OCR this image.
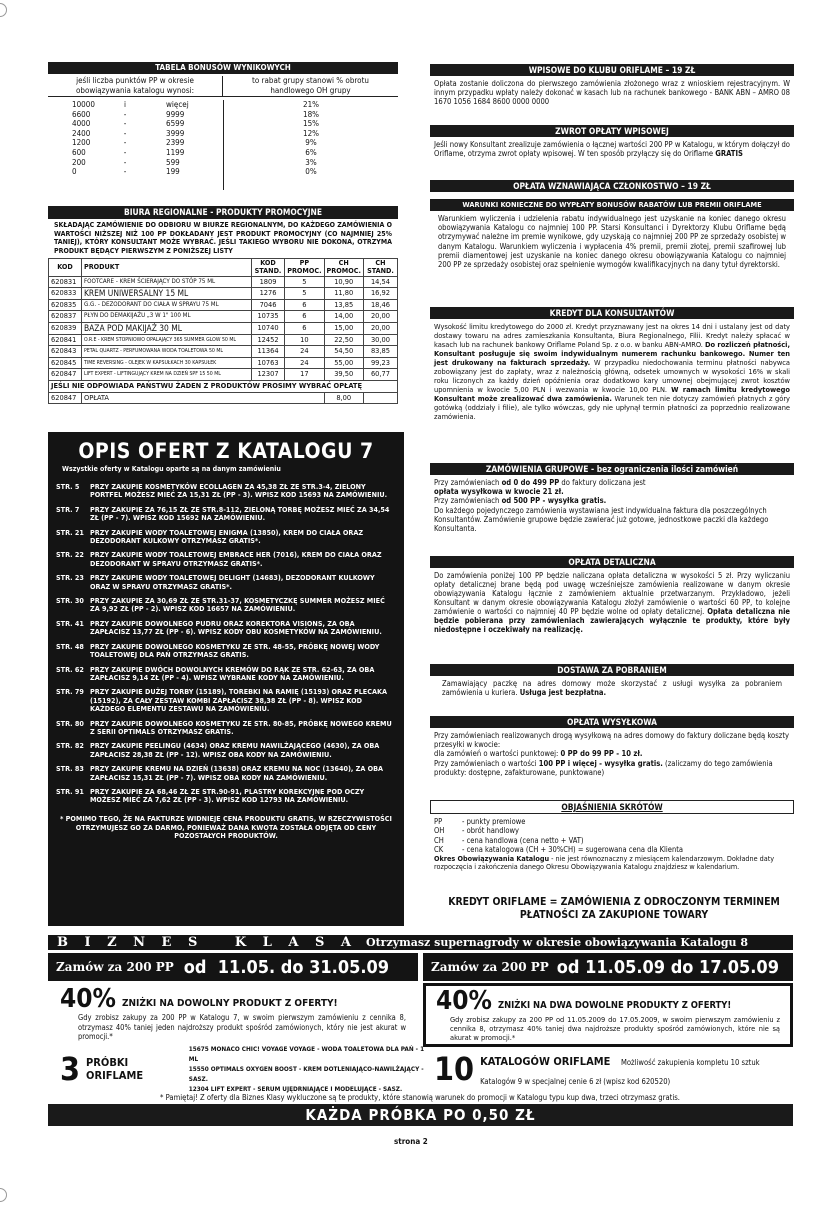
TABELA BONUSÓW WYNIKOWYCH
jeśli liczba punktów PP w okresie obowiązywania katalogu wynosi:
to rabat grupy stanowi % obrotu handlowego OH grupy
10000	i	więcej	21%
6600	-	9999	18%
4000	-	6599	15%
2400	-	3999	12%
1200	-	2399	9%
600	-	1199	6%
200	-	599	3%
0	-	199	0%
BIURA REGIONALNE - PRODUKTY PROMOCYJNE
SKŁADAJĄC ZAMÓWIENIE DO ODBIORU W BIURZE REGIONALNYM, DO KAŻDEGO ZAMÓWIENIA O WARTOŚCI NIŻSZEJ NIŻ 100 PP DOKŁADANY JEST PRODUKT PROMOCYJNY (CO NAJMNIEJ 25% TANIEJ), KTÓRY KONSULTANT MOŻE WYBRAĆ. JEŚLI TAKIEGO WYBORU NIE DOKONA, OTRZYMA PRODUKT BĘDĄCY PIERWSZYM Z PONIŻSZEJ LISTY
KOD	PRODUKT	KOD STAND.	PP PROMOC.	CH PROMOC.	CH STAND.
620831	FOOTCARE - KREM ŚCIERAJĄCY DO STÓP 75 ML	1809	5	10,90	14,54
620833	KREM UNIWERSALNY 15 ML	1276	5	11,80	16,92
620835	G.G. - DEZODORANT DO CIAŁA W SPRAYU 75 ML	7046	6	13,85	18,46
620837	PŁYN DO DEMAKIJAŻU „3 W 1" 100 ML	10735	6	14,00	20,00
620839	BAZA POD MAKIJAŻ 30 ML	10740	6	15,00	20,00
620841	O.R.E - KREM STOPNIOWO OPALAJĄCY 365 SUMMER GLOW 50 ML	12452	10	22,50	30,00
620843	PETAL QUARTZ - PERFUMOWANA WODA TOALETOWA 50 ML	11364	24	54,50	83,85
620845	TIME REVERSING - OLEJEK W KAPSUŁKACH 30 KAPSUŁEK	10763	24	55,00	99,23
620847	LIFT EXPERT - LIFTINGUJĄCY KREM NA DZIEŃ SPF 15 50 ML	12307	17	39,50	60,77
JEŚLI NIE ODPOWIADA PAŃSTWU ŻADEN Z PRODUKTÓW PROSIMY WYBRAĆ OPŁATĘ					
620847	OPŁATA			8,00	
OPIS OFERT Z KATALOGU 7
Wszystkie oferty w Katalogu oparte są na danym zamówieniu
STR. 5	PRZY ZAKUPIE KOSMETYKÓW ECOLLAGEN ZA 45,38 ZŁ ZE STR.3-4, ZIELONY PORTFEL MOŻESZ MIEĆ ZA 15,31 ZŁ (PP - 3). WPISZ KOD 15693 NA ZAMÓWIENIU.
STR. 7	PRZY ZAKUPIE ZA 76,15 ZŁ ZE STR.8-112, ZIELONĄ TORBĘ MOŻESZ MIEĆ ZA 34,54 ZŁ (PP - 7). WPISZ KOD 15692 NA ZAMÓWIENIU.
STR. 21 PRZY ZAKUPIE WODY TOALETOWEJ ENIGMA (13850), KREM DO CIAŁA ORAZ DEZODORANT KULKOWY OTRZYMASZ GRATIS*.
STR. 22 PRZY ZAKUPIE WODY TOALETOWEJ EMBRACE HER (7016), KREM DO CIAŁA ORAZ DEZODORANT W SPRAYU OTRZYMASZ GRATIS*.
STR. 23 PRZY ZAKUPIE WODY TOALETOWEJ DELIGHT (14683), DEZODORANT KULKOWY ORAZ W SPRAYU OTRZYMASZ GRATIS*.
STR. 30 PRZY ZAKUPIE ZA 30,69 ZŁ ZE STR.31-37, KOSMETYCZKĘ SUMMER MOŻESZ MIEĆ ZA 9,92 ZŁ (PP - 2). WPISZ KOD 16657 NA ZAMÓWIENIU.
STR. 41 PRZY ZAKUPIE DOWOLNEGO PUDRU ORAZ KOREKTORA VISIONS, ZA OBA ZAPŁACISZ 13,77 ZŁ (PP - 6). WPISZ KODY OBU KOSMETYKÓW NA ZAMÓWIENIU.
STR. 48 PRZY ZAKUPIE DOWOLNEGO KOSMETYKU ZE STR. 48-55, PRÓBKĘ NOWEJ WODY TOALETOWEJ DLA PAŃ OTRZYMASZ GRATIS.
STR. 62 PRZY ZAKUPIE DWÓCH DOWOLNYCH KREMÓW DO RĄK ZE STR. 62-63, ZA OBA ZAPŁACISZ 9,14 ZŁ (PP - 4). WPISZ WYBRANE KODY NA ZAMÓWIENIU.
STR. 79 PRZY ZAKUPIE DUŻEJ TORBY (15189), TOREBKI NA RAMIĘ (15193) ORAZ PLECAKA (15192), ZA CAŁY ZESTAW KOMBI ZAPŁACISZ 38,38 ZŁ (PP - 8). WPISZ KOD KAŻDEGO ELEMENTU ZESTAWU NA ZAMÓWIENIU.
STR. 80 PRZY ZAKUPIE DOWOLNEGO KOSMETYKU ZE STR. 80-85, PRÓBKĘ NOWEGO KREMU Z SERII OPTIMALS OTRZYMASZ GRATIS.
STR. 82 PRZY ZAKUPIE PEELINGU (4634) ORAZ KREMU NAWILŻAJĄCEGO (4630), ZA OBA ZAPŁACISZ 28,38 ZŁ (PP - 12). WPISZ OBA KODY NA ZAMÓWIENIU.
STR. 83 PRZY ZAKUPIE KREMU NA DZIEŃ (13638) ORAZ KREMU NA NOC (13640), ZA OBA ZAPŁACISZ 15,31 ZŁ (PP - 7). WPISZ OBA KODY NA ZAMÓWIENIU.
STR. 91 PRZY ZAKUPIE ZA 68,46 ZŁ ZE STR.90-91, PLASTRY KOREKCYJNE POD OCZY MOŻESZ MIEĆ ZA 7,62 ZŁ (PP - 3). WPISZ KOD 12793 NA ZAMÓWIENIU.
* POMIMO TEGO, ŻE NA FAKTURZE WIDNIEJE CENA PRODUKTU GRATIS, W RZECZYWISTOŚCI OTRZYMUJESZ GO ZA DARMO, PONIEWAŻ DANA KWOTA ZOSTAŁA ODJĘTA OD CENY POZOSTAŁYCH PRODUKTÓW.
WPISOWE DO KLUBU ORIFLAME – 19 ZŁ
Opłata zostanie doliczona do pierwszego zamówienia złożonego wraz z wnioskiem rejestracyjnym. W innym przypadku wpłaty należy dokonać w kasach lub na rachunek bankowego - BANK ABN – AMRO 08 1670 1056 1684 8600 0000 0000
ZWROT OPŁATY WPISOWEJ
Jeśli nowy Konsultant zrealizuje zamówienia o łącznej wartości 200 PP w Katalogu, w którym dołączył do Oriflame, otrzyma zwrot opłaty wpisowej. W ten sposób przyłączy się do Oriflame GRATIS
OPŁATA WZNAWIAJĄCA CZŁONKOSTWO – 19 ZŁ
WARUNKI KONIECZNE DO WYPŁATY BONUSÓW RABATÓW LUB PREMII ORIFLAME
Warunkiem wyliczenia i udzielenia rabatu indywidualnego jest uzyskanie na koniec danego okresu obowiązywania Katalogu co najmniej 100 PP. Starsi Konsultanci i Dyrektorzy Klubu Oriflame będą otrzymywać należne im premie wynikowe, gdy uzyskają co najmniej 200 PP ze sprzedaży osobistej w danym Katalogu. Warunkiem wyliczenia i wypłacenia 4% premii, premii złotej, premii szafirowej lub premii diamentowej jest uzyskanie na koniec danego okresu obowiązywania Katalogu co najmniej 200 PP ze sprzedaży osobistej oraz spełnienie wymogów kwalifikacyjnych na dany tytuł dyrektorski.
KREDYT DLA KONSULTANTÓW
Wysokość limitu kredytowego do 2000 zł. Kredyt przyznawany jest na okres 14 dni i ustalany jest od daty dostawy towaru na adres zamieszkania Konsultanta, Biura Regionalnego, Filii. Kredyt należy spłacać w kasach lub na rachunek bankowy Oriflame Poland Sp. z o.o. w banku ABN-AMRO. Do rozliczeń płatności, Konsultant posługuje się swoim indywidualnym numerem rachunku bankowego. Numer ten jest drukowany na fakturach sprzedaży. W przypadku niedochowania terminu płatności nabywca zobowiązany jest do zapłaty, wraz z należnością główną, odsetek umownych w wysokości 16% w skali roku liczonych za każdy dzień opóźnienia oraz dodatkowo kary umownej obejmującej zwrot kosztów upomnienia w kwocie 5,00 PLN i wezwania w kwocie 10,00 PLN. W ramach limitu kredytowego Konsultant może zrealizować dwa zamówienia. Warunek ten nie dotyczy zamówień płatnych z góry gotówką (oddziały i filie), ale tylko wówczas, gdy nie upłynął termin płatności za poprzednio realizowane zamówienia.
ZAMÓWIENIA GRUPOWE - bez ograniczenia ilości zamówień
Przy zamówieniach od 0 do 499 PP do faktury doliczana jest
opłata wysyłkowa w kwocie 21 zł.
Przy zamówieniach od 500 PP - wysyłka gratis.
Do każdego pojedynczego zamówienia wystawiana jest indywidualna faktura dla poszczególnych Konsultantów. Zamówienie grupowe będzie zawierać już gotowe, jednostkowe paczki dla każdego Konsultanta.
OPŁATA DETALICZNA
Do zamówienia poniżej 100 PP będzie naliczana opłata detaliczna w wysokości 5 zł. Przy wyliczaniu opłaty detalicznej brane będą pod uwagę wcześniejsze zamówienia realizowane w danym okresie obowiązywania Katalogu łącznie z zamówieniem aktualnie przetwarzanym. Przykładowo, jeżeli Konsultant w danym okresie obowiązywania Katalogu złożył zamówienie o wartości 60 PP, to kolejne zamówienie o wartości co najmniej 40 PP będzie wolne od opłaty detalicznej. Opłata detaliczna nie będzie pobierana przy zamówieniach zawierających wyłącznie te produkty, które były niedostępne i oczekiwały na realizację.
DOSTAWA ZA POBRANIEM
Zamawiający paczkę na adres domowy może skorzystać z usługi wysyłka za pobraniem zamówienia u kuriera. Usługa jest bezpłatna.
OPŁATA WYSYŁKOWA
Przy zamówieniach realizowanych drogą wysyłkową na adres domowy do faktury doliczane będą koszty przesyłki w kwocie:
dla zamówień o wartości punktowej: 0 PP do 99 PP - 10 zł.
Przy zamówieniach o wartości 100 PP i więcej - wysyłka gratis. (zaliczamy do tego zamówienia produkty: dostępne, zafakturowane, punktowane)
OBJAŚNIENIA SKRÓTÓW
PP	- punkty premiowe
OH	- obrót handlowy
CH	- cena handlowa (cena netto + VAT)
CK	- cena katalogowa (CH + 30%CH) = sugerowana cena dla Klienta
Okres Obowiązywania Katalogu - nie jest równoznaczny z miesiącem kalendarzowym. Dokładne daty rozpoczęcia i zakończenia danego Okresu Obowiązywania Katalogu znajdziesz w kalendarium.
KREDYT ORIFLAME = ZAMÓWIENIA Z ODROCZONYM TERMINEM PŁATNOŚCI ZA ZAKUPIONE TOWARY
B I Z N E S   K L A S A Otrzymasz supernagrody w okresie obowiązywania Katalogu 8
Zamów za 200 PP od  11.05. do 31.05.09	Zamów za 200 PP od 11.05.09 do 17.05.09
40% ZNIŻKI NA DOWOLNY PRODUKT Z OFERTY!
Gdy zrobisz zakupy za 200 PP w Katalogu 7, w swoim pierwszym zamówieniu z cennika 8, otrzymasz 40% taniej jeden najdroższy produkt spośród zamówionych, który nie jest akurat w promocji.*
40% ZNIŻKI NA DWA DOWOLNE PRODUKTY Z OFERTY!
Gdy zrobisz zakupy za 200 PP od 11.05.2009 do 17.05.2009, w swoim pierwszym zamówieniu z cennika 8, otrzymasz 40% taniej dwa najdroższe produkty spośród zamówionych, które nie są akurat w promocji.*
3 PRÓBKI ORIFLAME
15675 MONACO CHIC! VOYAGE VOYAGE - WODA TOALETOWA DLA PAŃ - 1 ML
15550 OPTIMALS OXYGEN BOOST - KREM DOTLENIAJĄCO-NAWILŻAJĄCY - SASZ.
12304 LIFT EXPERT - SERUM UJĘDRNIAJĄCE I MODELUJĄCE - SASZ.
10 KATALOGÓW ORIFLAME Możliwość zakupienia kompletu 10 sztuk Katalogów 9 w specjalnej cenie 6 zł (wpisz kod 620520)
* Pamiętaj! Z oferty dla Biznes Klasy wykluczone są te produkty, które stanowią warunek do promocji w Katalogu typu kup dwa, trzeci otrzymasz gratis.
KAŻDA PRÓBKA PO 0,50 ZŁ
strona 2
